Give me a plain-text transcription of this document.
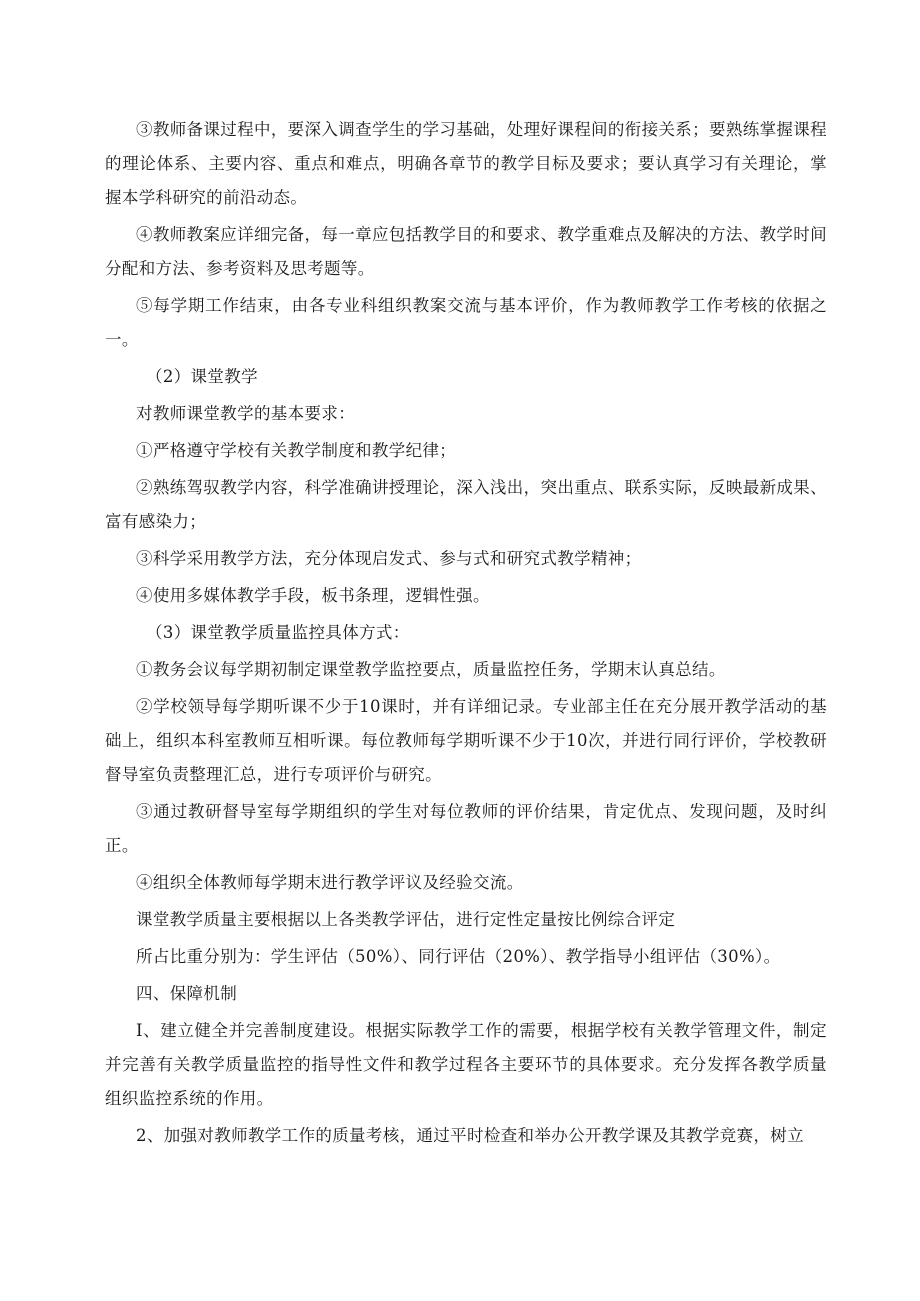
③教师备课过程中，要深入调查学生的学习基础，处理好课程间的衔接关系；要熟练掌握课程的理论体系、主要内容、重点和难点，明确各章节的教学目标及要求；要认真学习有关理论，掌握本学科研究的前沿动态。

④教师教案应详细完备，每一章应包括教学目的和要求、教学重难点及解决的方法、教学时间分配和方法、参考资料及思考题等。

⑤每学期工作结束，由各专业科组织教案交流与基本评价，作为教师教学工作考核的依据之一。

（2）课堂教学

对教师课堂教学的基本要求：

①严格遵守学校有关教学制度和教学纪律；

②熟练驾驭教学内容，科学准确讲授理论，深入浅出，突出重点、联系实际，反映最新成果、富有感染力；

③科学采用教学方法，充分体现启发式、参与式和研究式教学精神；

④使用多媒体教学手段，板书条理，逻辑性强。

（3）课堂教学质量监控具体方式：

①教务会议每学期初制定课堂教学监控要点，质量监控任务，学期末认真总结。

②学校领导每学期听课不少于10课时，并有详细记录。专业部主任在充分展开教学活动的基础上，组织本科室教师互相听课。每位教师每学期听课不少于10次，并进行同行评价，学校教研督导室负责整理汇总，进行专项评价与研究。

③通过教研督导室每学期组织的学生对每位教师的评价结果，肯定优点、发现问题，及时纠正。

④组织全体教师每学期末进行教学评议及经验交流。

课堂教学质量主要根据以上各类教学评估，进行定性定量按比例综合评定

所占比重分别为：学生评估（50%）、同行评估（20%）、教学指导小组评估（30%）。

四、保障机制

I、建立健全并完善制度建设。根据实际教学工作的需要，根据学校有关教学管理文件，制定并完善有关教学质量监控的指导性文件和教学过程各主要环节的具体要求。充分发挥各教学质量组织监控系统的作用。

2、加强对教师教学工作的质量考核，通过平时检查和举办公开教学课及其教学竞赛，树立
